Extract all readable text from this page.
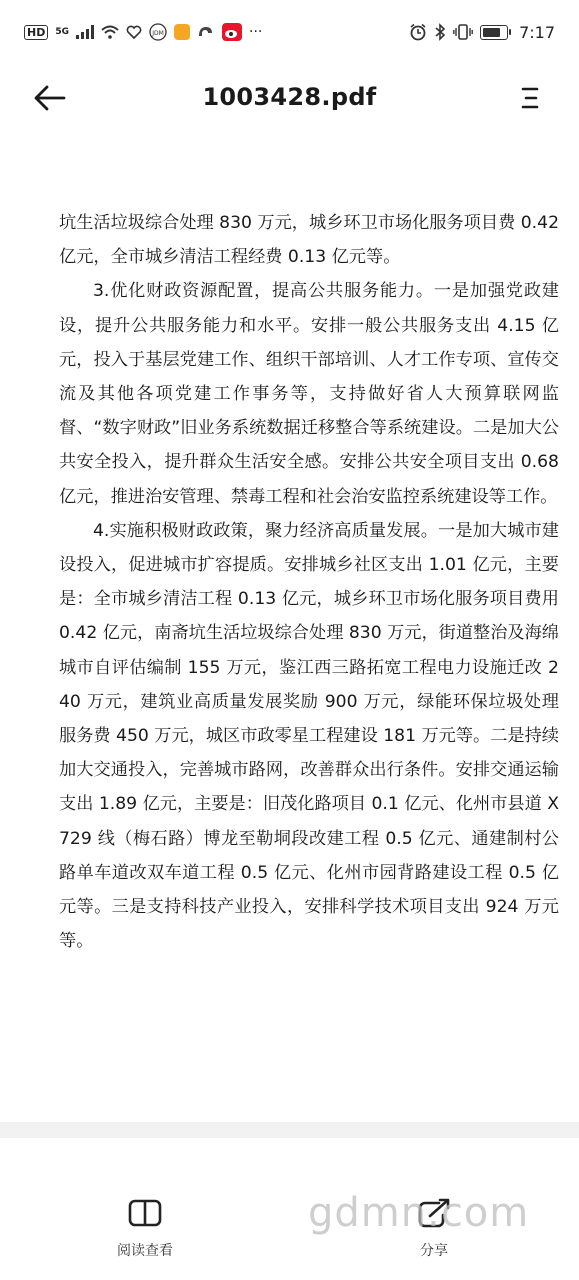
HD	5G	JDM	···	7:17
1003428.pdf

坑生活垃圾综合处理 830 万元，城乡环卫市场化服务项目费 0.42 亿元，全市城乡清洁工程经费 0.13 亿元等。

3.优化财政资源配置，提高公共服务能力。一是加强党政建设，提升公共服务能力和水平。安排一般公共服务支出 4.15 亿元，投入于基层党建工作、组织干部培训、人才工作专项、宣传交流及其他各项党建工作事务等，支持做好省人大预算联网监督、“数字财政”旧业务系统数据迁移整合等系统建设。二是加大公共安全投入，提升群众生活安全感。安排公共安全项目支出 0.68 亿元，推进治安管理、禁毒工程和社会治安监控系统建设等工作。

4.实施积极财政政策，聚力经济高质量发展。一是加大城市建设投入，促进城市扩容提质。安排城乡社区支出 1.01 亿元，主要是：全市城乡清洁工程 0.13 亿元，城乡环卫市场化服务项目费用 0.42 亿元，南斋坑生活垃圾综合处理 830 万元，街道整治及海绵城市自评估编制 155 万元，鉴江西三路拓宽工程电力设施迁改 240 万元，建筑业高质量发展奖励 900 万元，绿能环保垃圾处理服务费 450 万元，城区市政零星工程建设 181 万元等。二是持续加大交通投入，完善城市路网，改善群众出行条件。安排交通运输支出 1.89 亿元，主要是：旧茂化路项目 0.1 亿元、化州市县道 X729 线（梅石路）博龙至勒垌段改建工程 0.5 亿元、通建制村公路单车道改双车道工程 0.5 亿元、化州市园背路建设工程 0.5 亿元等。三是支持科技产业投入，安排科学技术项目支出 924 万元等。

阅读查看	分享
gdmn.com
